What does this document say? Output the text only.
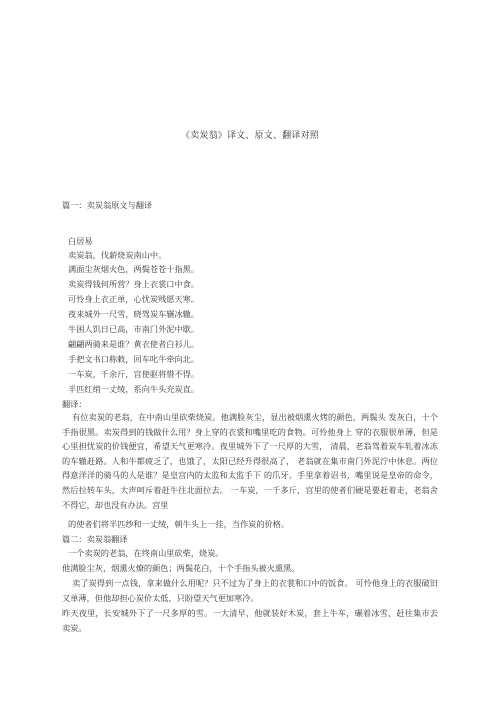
《卖炭翁》译文、原文、翻译对照
篇一：卖炭翁原文与翻译
白居易
卖炭翁，伐薪烧炭南山中。
满面尘灰烟火色，两鬓苍苍十指黑。
卖炭得钱何所营？身上衣裳口中食。
可怜身上衣正单，心忧炭贱愿天寒。
夜来城外一尺雪，晓驾炭车辗冰辙。
牛困人饥日已高，市南门外泥中歇。
翩翩两骑来是谁？黄衣使者白衫儿。
手把文书口称敕，回车叱牛牵向北。
一车炭，千余斤，宫使驱将惜不得。
半匹红绡一丈绫，系向牛头充炭直。
翻译：
有位卖炭的老翁，在中南山里砍柴烧炭。他满脸灰尘，显出被烟熏火烤的颜色，两鬓头 发灰白，十个手指很黑。卖炭得到的钱做什么用？身上穿的衣裳和嘴里吃的食物。可怜他身上 穿的衣服很单薄，但是心里担忧炭的价钱便宜，希望天气更寒冷。夜里城外下了一尺厚的大雪， 清晨，老翁驾着炭车轧着冰冻的车辙赶路。人和牛都疲乏了，也饿了，太阳已经升得很高了， 老翁就在集市南门外泥泞中休息。两位得意洋洋的骑马的人是谁？是皇宫内的太监和太监手下 的爪牙。手里拿着诏书，嘴里说是皇帝的命令，然后拉转车头，大声呵斥着赶牛往北面拉去。 一车炭，一千多斤，宫里的使者们硬是要赶着走，老翁舍不得它，却也没有办法。宫里
的使者们将半匹纱和一丈绫，朝牛头上一挂，当作炭的价格。
篇二：卖炭翁翻译
一个卖炭的老翁，在终南山里砍柴，烧炭。
他满脸尘灰，烟熏火燎的颜色；两鬓花白，十个手指头被火熏黑。
卖了炭得到一点钱，拿来做什么用呢？只不过为了身上的衣裳和口中的饭食。 可怜他身上的衣服破旧又单薄，但他却担心炭价太低，只盼望天气更加寒冷。
昨天夜里，长安城外下了一尺多厚的雪。一大清早，他就装好木炭，套上牛车，碾着冰雪，赶往集市去卖炭。
